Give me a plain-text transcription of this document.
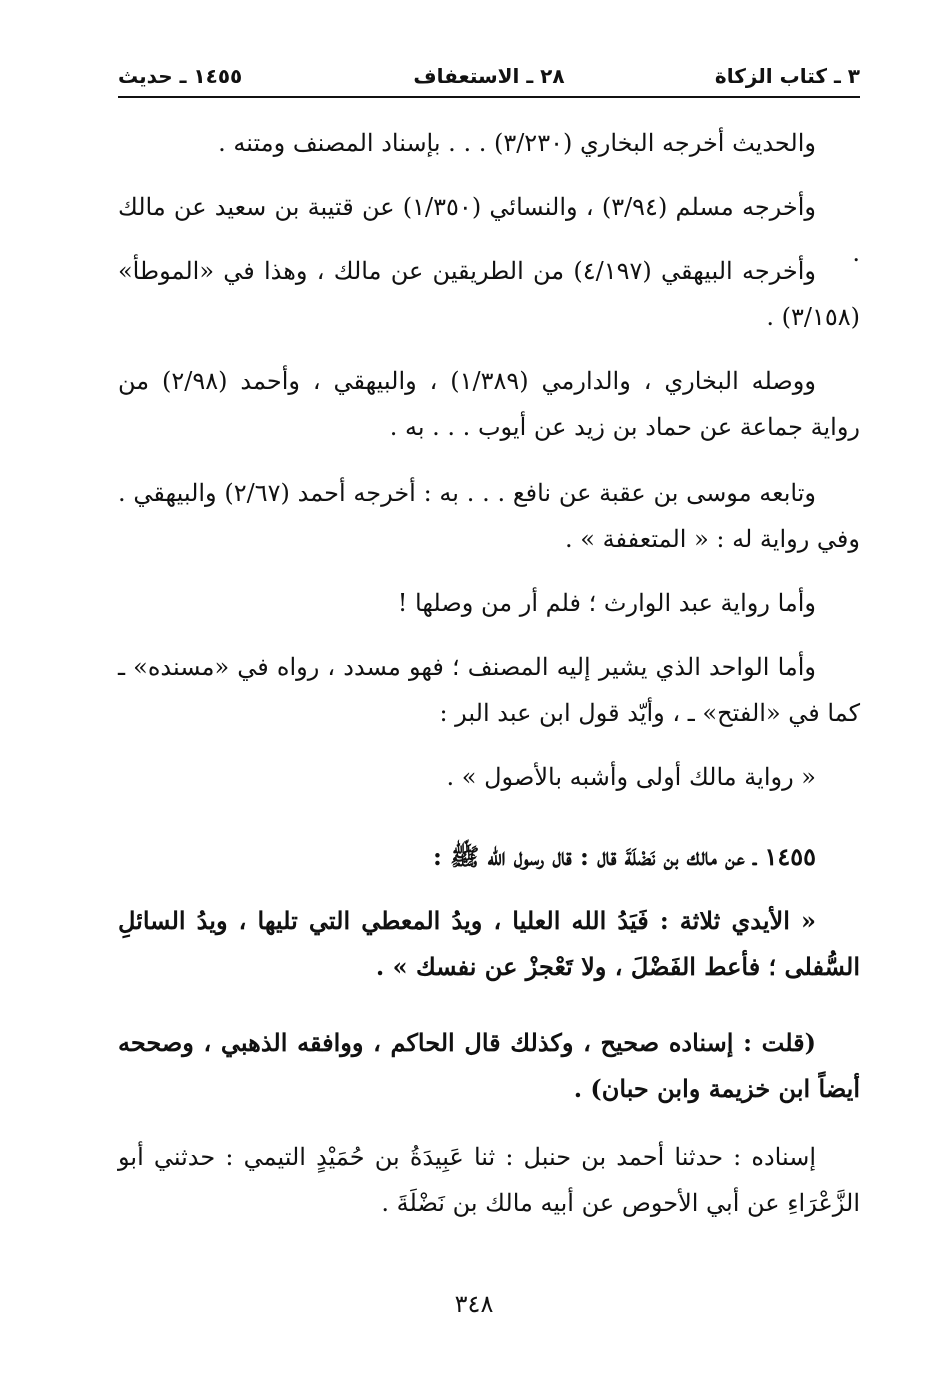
٣ ـ كتاب الزكاة
٢٨ ـ الاستعفاف
١٤٥٥ ـ حديث

والحديث أخرجه البخاري (٣/٢٣٠) . . . بإسناد المصنف ومتنه .

وأخرجه مسلم (٣/٩٤) ، والنسائي (١/٣٥٠) عن قتيبة بن سعيد عن مالك .

وأخرجه البيهقي (٤/١٩٧) من الطريقين عن مالك ، وهذا في «الموطأ» (٣/١٥٨) .

ووصله البخاري ، والدارمي (١/٣٨٩) ، والبيهقي ، وأحمد (٢/٩٨) من رواية جماعة عن حماد بن زيد عن أيوب . . . به .

وتابعه موسى بن عقبة عن نافع . . . به : أخرجه أحمد (٢/٦٧) والبيهقي . وفي رواية له : « المتعففة » .

وأما رواية عبد الوارث ؛ فلم أر من وصلها !

وأما الواحد الذي يشير إليه المصنف ؛ فهو مسدد ، رواه في «مسنده» ـ كما في «الفتح» ـ ، وأيّد قول ابن عبد البر :

« رواية مالك أولى وأشبه بالأصول » .

١٤٥٥ ـ عن مالك بن نَضْلَةَ قال : قال رسول الله ﷺ :

« الأيدي ثلاثة : فَيَدُ الله العليا ، ويدُ المعطي التي تليها ، ويدُ السائلِ السُّفلى ؛ فأعط الفَضْلَ ، ولا تَعْجزْ عن نفسك » .

(قلت : إسناده صحيح ، وكذلك قال الحاكم ، ووافقه الذهبي ، وصححه أيضاً ابن خزيمة وابن حبان) .

إسناده : حدثنا أحمد بن حنبل : ثنا عَبِيدَةُ بن حُمَيْدٍ التيمي : حدثني أبو الزَّعْرَاءِ عن أبي الأحوص عن أبيه مالك بن نَضْلَةَ .

٣٤٨
